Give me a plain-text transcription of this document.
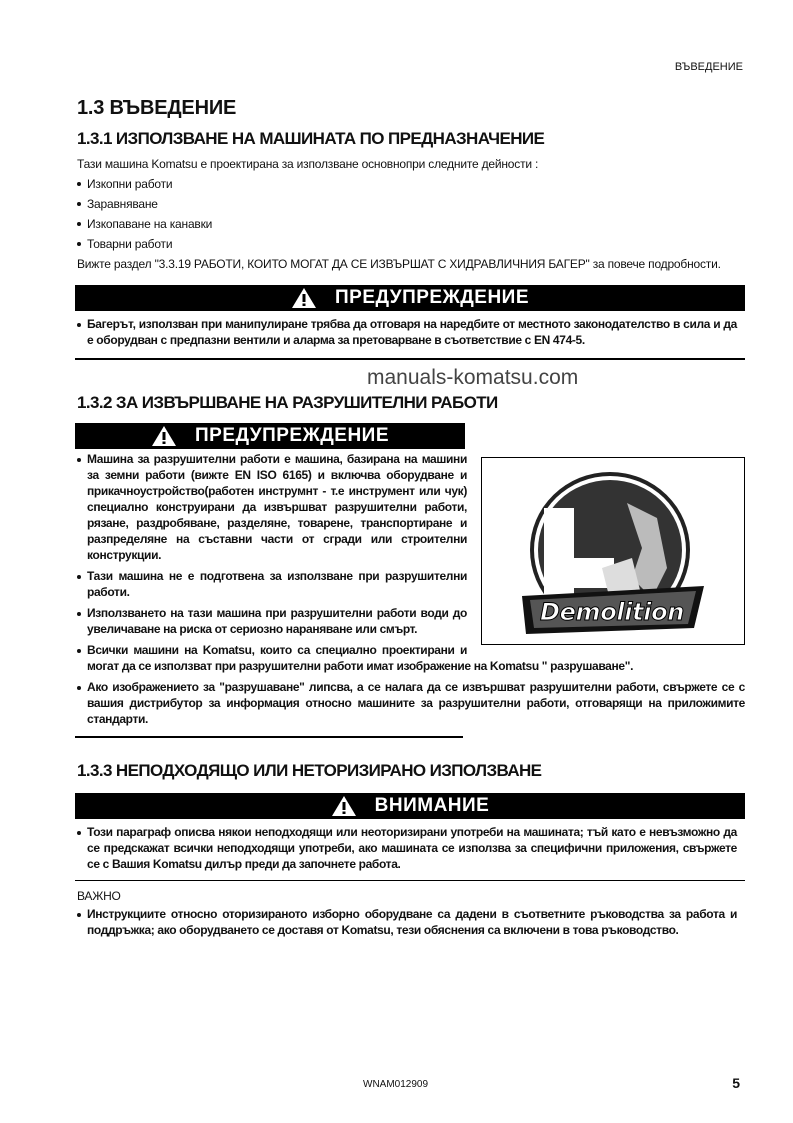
ВЪВЕДЕНИЕ
1.3 ВЪВЕДЕНИЕ
1.3.1 ИЗПОЛЗВАНЕ НА МАШИНАТА ПО ПРЕДНАЗНАЧЕНИЕ
Тази машина Komatsu е проектирана за използване основнопри следните дейности :
Изкопни работи
Заравняване
Изкопаване на канавки
Товарни работи
Вижте раздел "3.3.19 РАБОТИ, КОИТО МОГАТ ДА СЕ ИЗВЪРШАТ С ХИДРАВЛИЧНИЯ БАГЕР" за повече подробности.
ПРЕДУПРЕЖДЕНИЕ
Багерът, използван при манипулиране трябва да отговаря на наредбите от местното законодателство в сила и да е оборудван с предпазни вентили и аларма за претоварване в съответствие с EN 474-5.
manuals-komatsu.com
1.3.2 ЗА ИЗВЪРШВАНЕ НА РАЗРУШИТЕЛНИ РАБОТИ
ПРЕДУПРЕЖДЕНИЕ
Demolition
Машина за разрушителни работи е машина, базирана на машини за земни работи (вижте EN ISO 6165) и включва оборудване и прикачноустройство(работен инструмнт - т.е инструмент или чук) специално конструирани да извършват разрушителни работи, рязане, раздробяване, разделяне, товарене, транспортиране и разпределяне на съставни части от сгради или строителни конструкции.
Тази машина не е подготвена за използване при разрушителни работи.
Използването на тази машина при разрушителни работи води до увеличаване на риска от сериозно нараняване или смърт.
Всички машини на Komatsu, които са специално проектирани и могат да се използват при разрушителни работи имат изображение на Komatsu " разрушаване".
Ако изображението за "разрушаване" липсва, а се налага да се извършват разрушителни работи, свържете се с вашия дистрибутор за информация относно машините за разрушителни работи, отговарящи на приложимите стандарти.
1.3.3 НЕПОДХОДЯЩО ИЛИ НЕТОРИЗИРАНО ИЗПОЛЗВАНЕ
ВНИМАНИЕ
Този параграф описва някои неподходящи или неоторизирани употреби на машината; тъй като е невъзможно да се предскажат всички неподходящи употреби, ако машината се използва за специфични приложения, свържете се с Вашия Komatsu дилър преди да започнете работа.
ВАЖНО
Инструкциите относно оторизираното изборно оборудване са дадени в съответните ръководства за работа и поддръжка; ако оборудването се доставя от Komatsu, тези обяснения са включени в това ръководство.
WNAM012909	5
